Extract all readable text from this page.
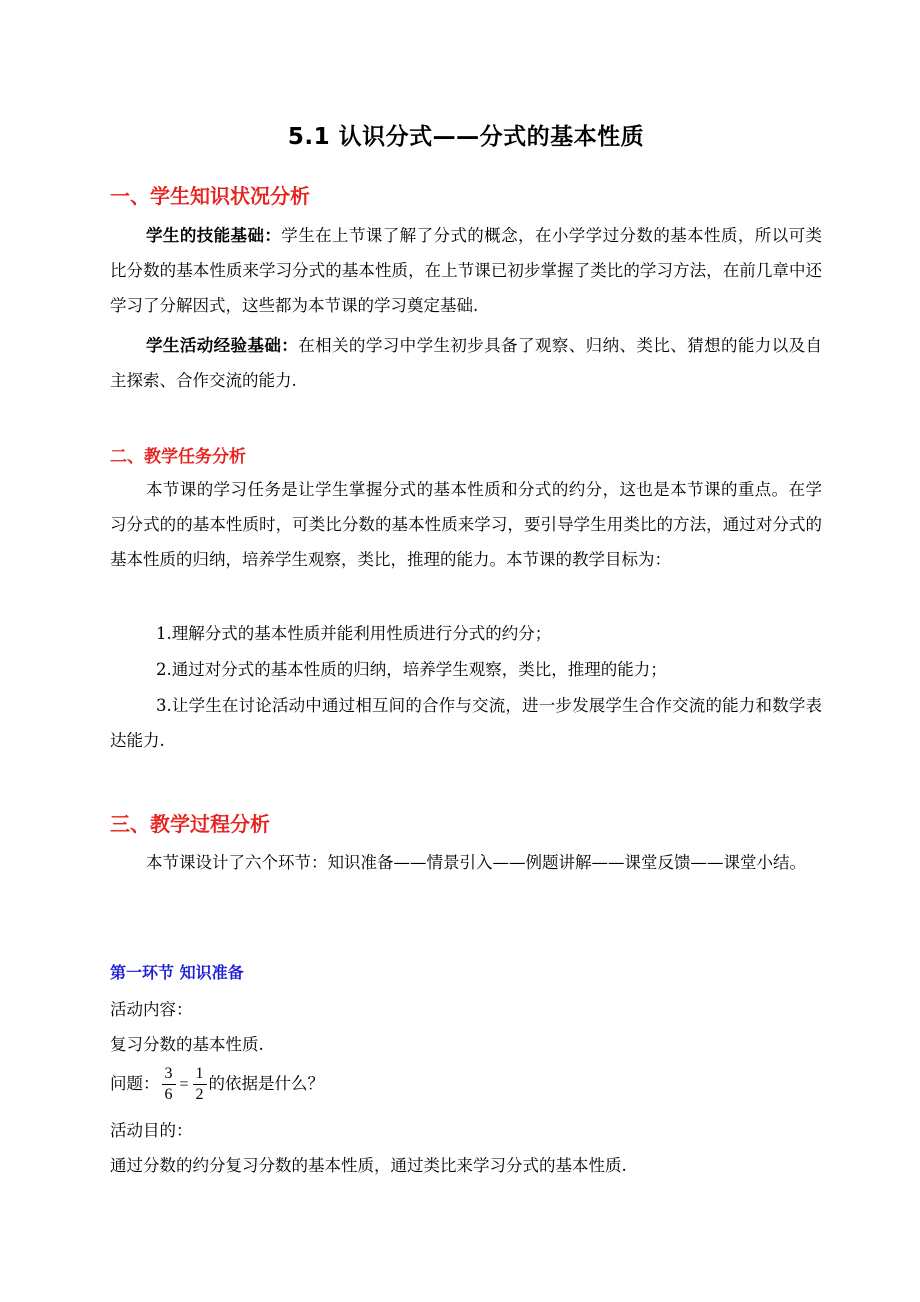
5.1 认识分式——分式的基本性质
一、学生知识状况分析
学生的技能基础：学生在上节课了解了分式的概念，在小学学过分数的基本性质，所以可类比分数的基本性质来学习分式的基本性质，在上节课已初步掌握了类比的学习方法，在前几章中还学习了分解因式，这些都为本节课的学习奠定基础.
学生活动经验基础：在相关的学习中学生初步具备了观察、归纳、类比、猜想的能力以及自主探索、合作交流的能力.
二、教学任务分析
本节课的学习任务是让学生掌握分式的基本性质和分式的约分，这也是本节课的重点。在学习分式的的基本性质时，可类比分数的基本性质来学习，要引导学生用类比的方法，通过对分式的基本性质的归纳，培养学生观察，类比，推理的能力。本节课的教学目标为：
1.理解分式的基本性质并能利用性质进行分式的约分；
2.通过对分式的基本性质的归纳，培养学生观察，类比，推理的能力；
3.让学生在讨论活动中通过相互间的合作与交流，进一步发展学生合作交流的能力和数学表达能力.
三、教学过程分析
本节课设计了六个环节：知识准备——情景引入——例题讲解——课堂反馈——课堂小结。
第一环节 知识准备
活动内容：
复习分数的基本性质.
问题： $\frac{3}{6} = \frac{1}{2}$ 的依据是什么？
活动目的：
通过分数的约分复习分数的基本性质，通过类比来学习分式的基本性质.
